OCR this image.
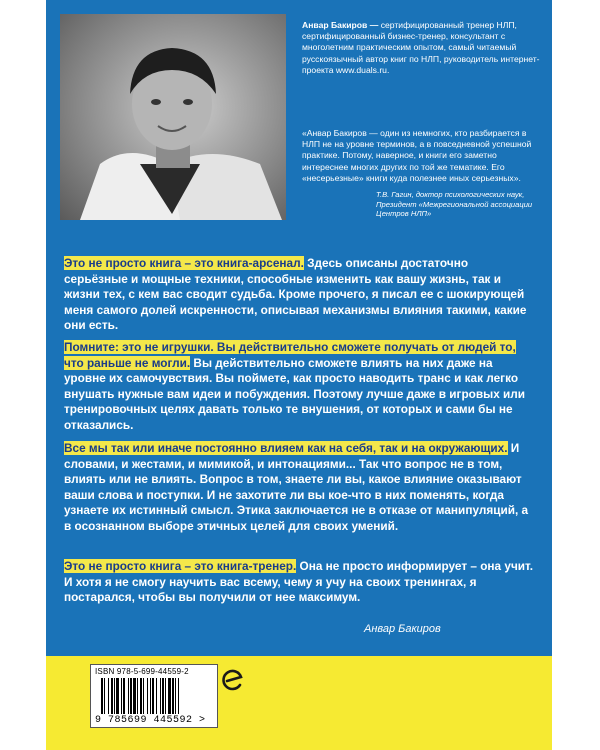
Анвар Бакиров — сертифицированный тренер НЛП, сертифицированный бизнес-тренер, консультант с многолетним практическим опытом, самый читаемый русскоязычный автор книг по НЛП, руководитель интернет-проекта www.duals.ru.
«Анвар Бакиров — один из немногих, кто разбирается в НЛП не на уровне терминов, а в повседневной успешной практике. Потому, наверное, и книги его заметно интереснее многих других по той же тематике. Его «несерьезные» книги куда полезнее иных серьезных».
Т.В. Гагин, доктор психологических наук,
Президент «Межрегиональной ассоциации Центров НЛП»
Это не просто книга – это книга-арсенал. Здесь описаны достаточно серьёзные и мощные техники, способные изменить как вашу жизнь, так и жизни тех, с кем вас сводит судьба. Кроме прочего, я писал ее с шокирующей меня самого долей искренности, описывая механизмы влияния такими, какие они есть.
Помните: это не игрушки. Вы действительно сможете получать от людей то, что раньше не могли. Вы действительно сможете влиять на них даже на уровне их самочувствия. Вы поймете, как просто наводить транс и как легко внушать нужные вам идеи и побуждения. Поэтому лучше даже в игровых или тренировочных целях давать только те внушения, от которых и сами бы не отказались.
Все мы так или иначе постоянно влияем как на себя, так и на окружающих. И словами, и жестами, и мимикой, и интонациями... Так что вопрос не в том, влиять или не влиять. Вопрос в том, знаете ли вы, какое влияние оказывают ваши слова и поступки. И не захотите ли вы кое-что в них поменять, когда узнаете их истинный смысл. Этика заключается не в отказе от манипуляций, а в осознанном выборе этичных целей для своих умений.
Это не просто книга – это книга-тренер. Она не просто информирует – она учит. И хотя я не смогу научить вас всему, чему я учу на своих тренингах, я постарался, чтобы вы получили от нее максимум.
Анвар Бакиров
ISBN 978-5-699-44559-2
9 785699 445592 >
